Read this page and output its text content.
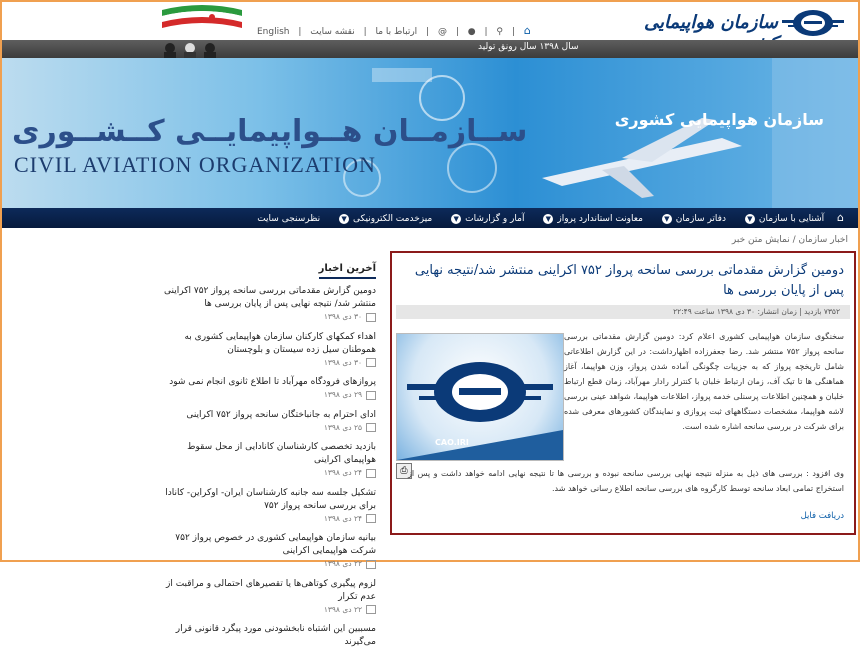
سازمان هواپیمایی
English |	ارتباط با ما | نقشه سایت	| @ | ● | ⚲ | ⌂
سال ۱۳۹۸ سال رونق تولید
ســازمــان هــواپیمایــی کــشــوری
CIVIL AVIATION ORGANIZATION
سازمان هواپیمایی کشوری
⌂ آشنایی با سازمان▼ دفاتر سازمان▼ معاونت استاندارد پرواز▼ آمار و گزارشات▼ میزخدمت الکترونیکی▼ نظرسنجی سایت
اخبار سازمان / نمایش متن خبر
آخرین اخبار
دومین گزارش مقدماتی بررسی سانحه پرواز ۷۵۲ اکراینی منتشر شد/ نتیجه نهایی پس از پایان بررسی ها
۳۰ دی ۱۳۹۸
اهداء کمکهای کارکنان سازمان هواپیمایی کشوری به هموطنان سیل زده سیستان و بلوچستان
۳۰ دی ۱۳۹۸
پروازهای فرودگاه مهرآباد تا اطلاع ثانوی انجام نمی شود
۲۹ دی ۱۳۹۸
ادای احترام به جانباختگان سانحه پرواز ۷۵۲ اکراینی
۲۵ دی ۱۳۹۸
بازدید تخصصی کارشناسان کانادایی از محل سقوط هواپیمای اکراینی
۲۴ دی ۱۳۹۸
تشکیل جلسه سه جانبه کارشناسان ایران- اوکراین- کانادا برای بررسی سانحه پرواز ۷۵۲
۲۴ دی ۱۳۹۸
بیانیه سازمان هواپیمایی کشوری در خصوص پرواز ۷۵۲ شرکت هواپیمایی اکراینی
۲۲ دی ۱۳۹۸
لزوم پیگیری کوتاهی‌ها یا تقصیرهای احتمالی و مراقبت از عدم تکرار
۲۲ دی ۱۳۹۸
مسببین این اشتباه نابخشودنی مورد پیگرد قانونی قرار می‌گیرند
دومین گزارش مقدماتی بررسی سانحه پرواز ۷۵۲ اکراینی منتشر شد/نتیجه نهایی پس از پایان بررسی ها
۷۳۵۲ بازدید | زمان انتشار: ۳۰ دی ۱۳۹۸ ساعت ۲۲:۴۹
CAO.IRI
سخنگوی سازمان هواپیمایی کشوری اعلام کرد: دومین گزارش مقدماتی بررسی سانحه پرواز ۷۵۲ منتشر شد. رضا جعفرزاده اظهارداشت: در این گزارش اطلاعاتی شامل تاریخچه پرواز که به جزییات چگونگی آماده شدن پرواز، وزن هواپیما، آغاز هماهنگی ها تا تیک آف، زمان ارتباط خلبان با کنترلر رادار مهرآباد، زمان قطع ارتباط خلبان و همچنین اطلاعات پرسنلی خدمه پرواز، اطلاعات هواپیما، شواهد عینی بررسی لاشه هواپیما، مشخصات دستگاههای ثبت پروازی و نمایندگان کشورهای معرفی شده برای شرکت در بررسی سانحه اشاره شده است.
⎙ وی افزود : بررسی های ذیل به منزله نتیجه نهایی بررسی سانحه نبوده و بررسی ها تا نتیجه نهایی ادامه خواهد داشت و پس از استخراج تمامی ابعاد سانحه توسط کارگروه های بررسی سانحه اطلاع رسانی خواهد شد.
دریافت فایل
